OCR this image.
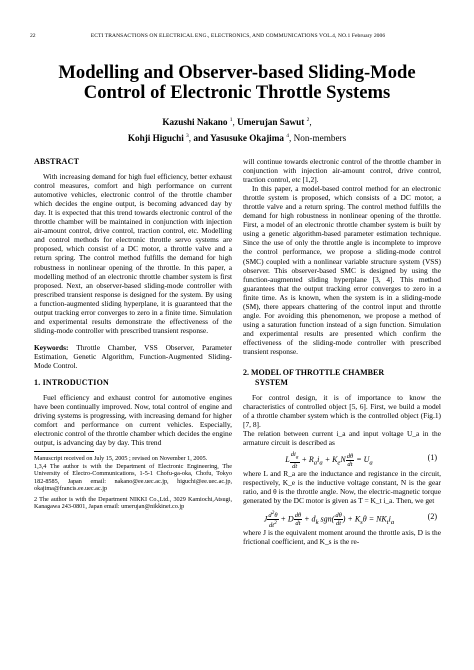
22	ECTI TRANSACTIONS ON ELECTRICAL ENG., ELECTRONICS, AND COMMUNICATIONS VOL.4, NO.1 February 2006
Modelling and Observer-based Sliding-Mode
Control of Electronic Throttle Systems
Kazushi Nakano $^1$, Umerujan Sawut $^2$,
Kohji Higuchi $^3$, and Yasusuke Okajima $^4$, Non-members

ABSTRACT

With increasing demand for high fuel efficiency, better exhaust control measures, comfort and high performance on current automotive vehicles, electronic control of the throttle chamber which decides the engine output, is becoming advanced day by day. It is expected that this trend towards electronic control of the throttle chamber will be maintained in conjunction with injection air-amount control, drive control, traction control, etc. Modelling and control methods for electronic throttle servo systems are proposed, which consist of a DC motor, a throttle valve and a return spring. The control method fulfills the demand for high robustness in nonlinear opening of the throttle. In this paper, a modelling method of an electronic throttle chamber system is first proposed. Next, an observer-based sliding-mode controller with prescribed transient response is designed for the system. By using a function-augmented sliding hyperplane, it is guaranteed that the output tracking error converges to zero in a finite time. Simulation and experimental results demonstrate the effectiveness of the sliding-mode controller with prescribed transient response.

Keywords: Throttle Chamber, VSS Observer, Parameter Estimation, Genetic Algorithm, Function-Augmented Sliding-Mode Control.

1. INTRODUCTION

Fuel efficiency and exhaust control for automotive engines have been continually improved. Now, total control of engine and driving systems is progressing, with increasing demand for higher comfort and performance on current vehicles. Especially, electronic control of the throttle chamber which decides the engine output, is advancing day by day. This trend

Manuscript received on July 15, 2005 ; revised on November 1, 2005.

1,3,4 The author is with the Department of Electronic Engineering, The University of Electro-Communications, 1-5-1 Chofu-ga-oka, Chofu, Tokyo 182-8585, Japan email: nakano@ee.uec.ac.jp, higuchi@ee.uec.ac.jp, okajima@francis.ee.uec.ac.jp

2 The author is with the Department NIKKI Co.,Ltd., 3029 Kamiochi,Atsugi, Kanagawa 243-0801, Japan email: umerujan@nikkinet.co.jp

will continue towards electronic control of the throttle chamber in conjunction with injection air-amount control, drive control, traction control, etc [1,2].

In this paper, a model-based control method for an electronic throttle system is proposed, which consists of a DC motor, a throttle valve and a return spring. The control method fulfills the demand for high robustness in nonlinear opening of the throttle. First, a model of an electronic throttle chamber system is built by using a genetic algorithm-based parameter estimation technique. Since the use of only the throttle angle is incomplete to improve the control performance, we propose a sliding-mode control (SMC) coupled with a nonlinear variable structure system (VSS) observer. This observer-based SMC is designed by using the function-augmented sliding hyperplane [3, 4]. This method guarantees that the output tracking error converges to zero in a finite time. As is known, when the system is in a sliding-mode (SM), there appears chattering of the control input and throttle angle. For avoiding this phenomenon, we propose a method of using a saturation function instead of a sign function. Simulation and experimental results are presented which confirm the effectiveness of the sliding-mode controller with prescribed transient response.

2. MODEL OF THROTTLE CHAMBER
SYSTEM

For control design, it is of importance to know the characteristics of controlled object [5, 6]. First, we build a model of a throttle chamber system which is the controlled object (Fig.1) [7, 8].

The relation between current i_a and input voltage U_a in the armature circuit is described as

L $\frac{di_a}{dt} + R_ai_a + K_eN \frac{d\theta}{dt} = U_a$
(1)

where L and R_a are the inductance and registance in the circuit, respectively, K_e is the inductive voltage constant, N is the gear ratio, and θ is the throttle angle. Now, the electric-magnetic torque generated by the DC motor is given as T = K_t i_a. Then, we get

J $\frac{d^2\theta}{dt^2} + D \frac{d\theta}{dt} + d_k$ $sgn( \frac{d\theta}{dt}$ ) + $K_s\theta = NK_ti_a$
(2)

where J is the equivalent moment around the throttle axis, D is the frictional coefficient, and K_s is the re-
